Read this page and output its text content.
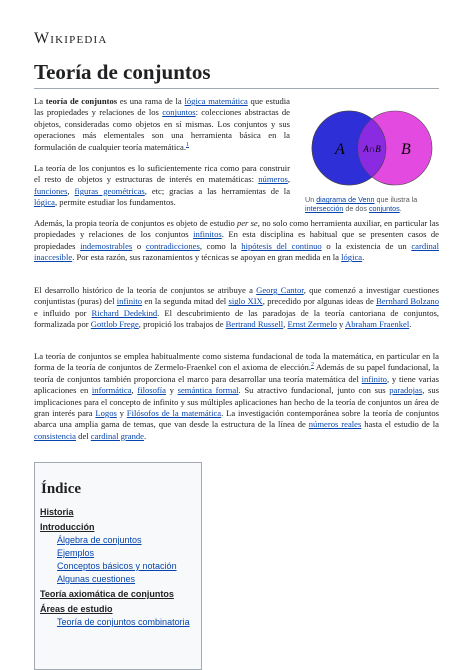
Wikipedia
Teoría de conjuntos

La teoría de conjuntos es una rama de la lógica matemática que estudia las propiedades y relaciones de los conjuntos: colecciones abstractas de objetos, consideradas como objetos en sí mismas. Los conjuntos y sus operaciones más elementales son una herramienta básica en la formulación de cualquier teoría matemática.$^1$

La teoría de los conjuntos es lo suficientemente rica como para construir el resto de objetos y estructuras de interés en matemáticas: números, funciones, figuras geométricas, etc; gracias a las herramientas de la lógica, permite estudiar los fundamentos.

A	B
A∩B
Un diagrama de Venn que ilustra la intersección de dos conjuntos.

Además, la propia teoría de conjuntos es objeto de estudio per se, no solo como herramienta auxiliar, en particular las propiedades y relaciones de los conjuntos infinitos. En esta disciplina es habitual que se presenten casos de propiedades indemostrables o contradicciones, como la hipótesis del continuo o la existencia de un cardinal inaccesible. Por esta razón, sus razonamientos y técnicas se apoyan en gran medida en la lógica.

El desarrollo histórico de la teoría de conjuntos se atribuye a Georg Cantor, que comenzó a investigar cuestiones conjuntistas (puras) del infinito en la segunda mitad del siglo XIX, precedido por algunas ideas de Bernhard Bolzano e influido por Richard Dedekind. El descubrimiento de las paradojas de la teoría cantoriana de conjuntos, formalizada por Gottlob Frege, propició los trabajos de Bertrand Russell, Ernst Zermelo y Abraham Fraenkel.

La teoría de conjuntos se emplea habitualmente como sistema fundacional de toda la matemática, en particular en la forma de la teoría de conjuntos de Zermelo-Fraenkel con el axioma de elección.$^2$ Además de su papel fundacional, la teoría de conjuntos también proporciona el marco para desarrollar una teoría matemática del infinito, y tiene varias aplicaciones en informática, filosofía y semántica formal. Su atractivo fundacional, junto con sus paradojas, sus implicaciones para el concepto de infinito y sus múltiples aplicaciones han hecho de la teoría de conjuntos un área de gran interés para Logos y Filósofos de la matemática. La investigación contemporánea sobre la teoría de conjuntos abarca una amplia gama de temas, que van desde la estructura de la línea de números reales hasta el estudio de la consistencia del cardinal grande.

Índice
Historia
Introducción
Álgebra de conjuntos
Ejemplos
Conceptos básicos y notación
Algunas cuestiones
Teoría axiomática de conjuntos
Áreas de estudio
Teoría de conjuntos combinatoria
